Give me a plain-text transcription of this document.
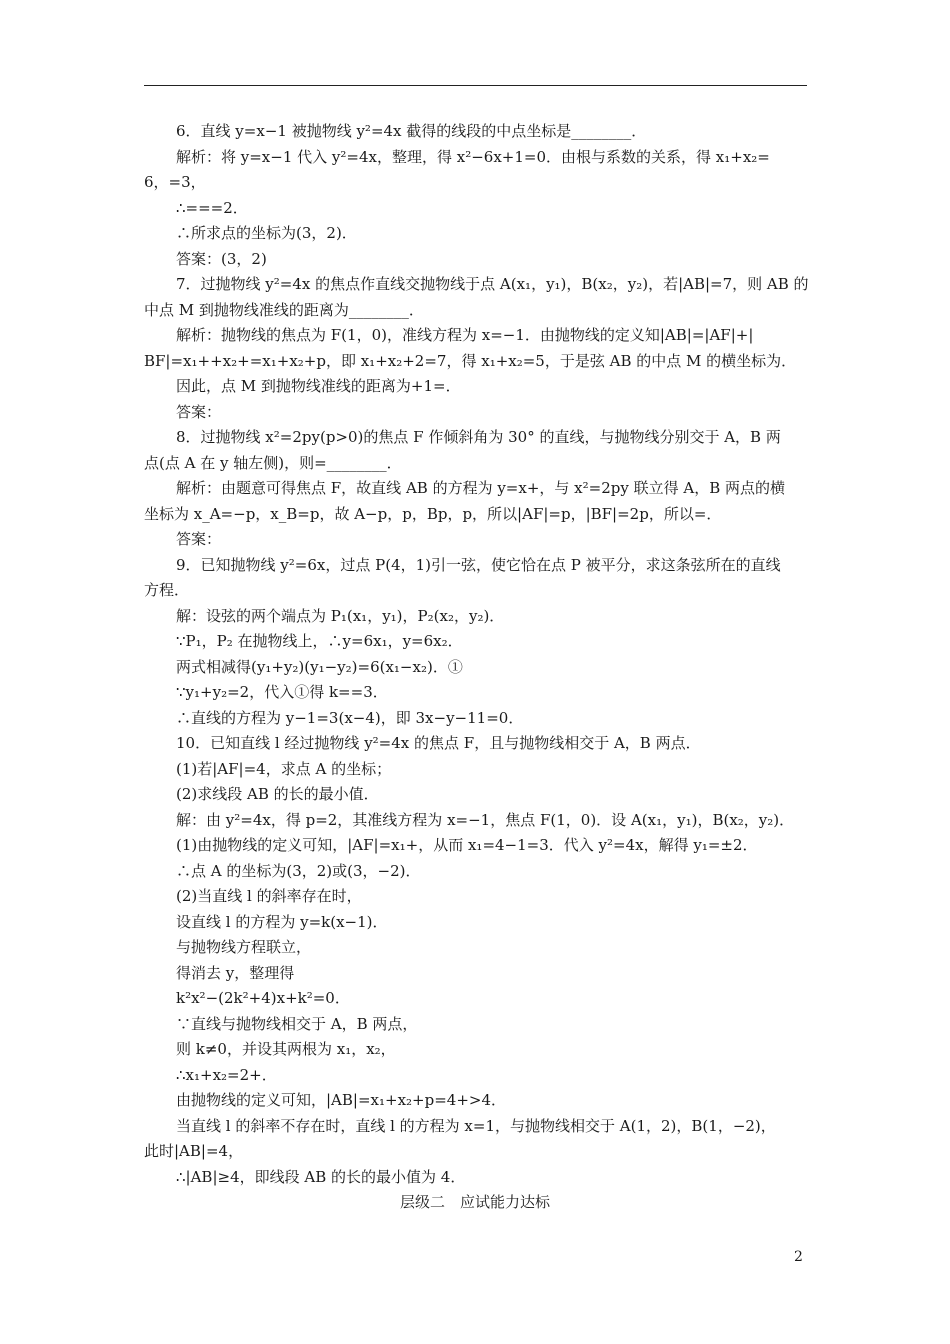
6．直线 y=x−1 被抛物线 y²=4x 截得的线段的中点坐标是________．
解析：将 y=x−1 代入 y²=4x，整理，得 x²−6x+1=0．由根与系数的关系，得 x₁+x₂=
6，=3，
∴===2．
∴所求点的坐标为(3，2)．
答案：(3，2)
7．过抛物线 y²=4x 的焦点作直线交抛物线于点 A(x₁，y₁)，B(x₂，y₂)，若|AB|=7，则 AB 的
中点 M 到抛物线准线的距离为________．
解析：抛物线的焦点为 F(1，0)，准线方程为 x=−1．由抛物线的定义知|AB|=|AF|+|
BF|=x₁++x₂+=x₁+x₂+p，即 x₁+x₂+2=7，得 x₁+x₂=5，于是弦 AB 的中点 M 的横坐标为．
因此，点 M 到抛物线准线的距离为+1=．
答案：
8．过抛物线 x²=2py(p>0)的焦点 F 作倾斜角为 30° 的直线，与抛物线分别交于 A，B 两
点(点 A 在 y 轴左侧)，则=________．
解析：由题意可得焦点 F，故直线 AB 的方程为 y=x+，与 x²=2py 联立得 A，B 两点的横
坐标为 x_A=−p，x_B=p，故 A−p，p，Bp，p，所以|AF|=p，|BF|=2p，所以=．
答案：
9．已知抛物线 y²=6x，过点 P(4，1)引一弦，使它恰在点 P 被平分，求这条弦所在的直线
方程．
解：设弦的两个端点为 P₁(x₁，y₁)，P₂(x₂，y₂)．
∵P₁，P₂ 在抛物线上，∴y=6x₁，y=6x₂．
两式相减得(y₁+y₂)(y₁−y₂)=6(x₁−x₂)．①
∵y₁+y₂=2，代入①得 k==3．
∴直线的方程为 y−1=3(x−4)，即 3x−y−11=0．
10．已知直线 l 经过抛物线 y²=4x 的焦点 F，且与抛物线相交于 A，B 两点．
(1)若|AF|=4，求点 A 的坐标；
(2)求线段 AB 的长的最小值．
解：由 y²=4x，得 p=2，其准线方程为 x=−1，焦点 F(1，0)．设 A(x₁，y₁)，B(x₂，y₂)．
(1)由抛物线的定义可知，|AF|=x₁+，从而 x₁=4−1=3．代入 y²=4x，解得 y₁=±2．
∴点 A 的坐标为(3，2)或(3，−2)．
(2)当直线 l 的斜率存在时，
设直线 l 的方程为 y=k(x−1)．
与抛物线方程联立，
得消去 y，整理得
k²x²−(2k²+4)x+k²=0．
∵直线与抛物线相交于 A，B 两点，
则 k≠0，并设其两根为 x₁，x₂，
∴x₁+x₂=2+．
由抛物线的定义可知，|AB|=x₁+x₂+p=4+>4．
当直线 l 的斜率不存在时，直线 l 的方程为 x=1，与抛物线相交于 A(1，2)，B(1，−2)，
此时|AB|=4，
∴|AB|≥4，即线段 AB 的长的最小值为 4．
层级二　应试能力达标
2
